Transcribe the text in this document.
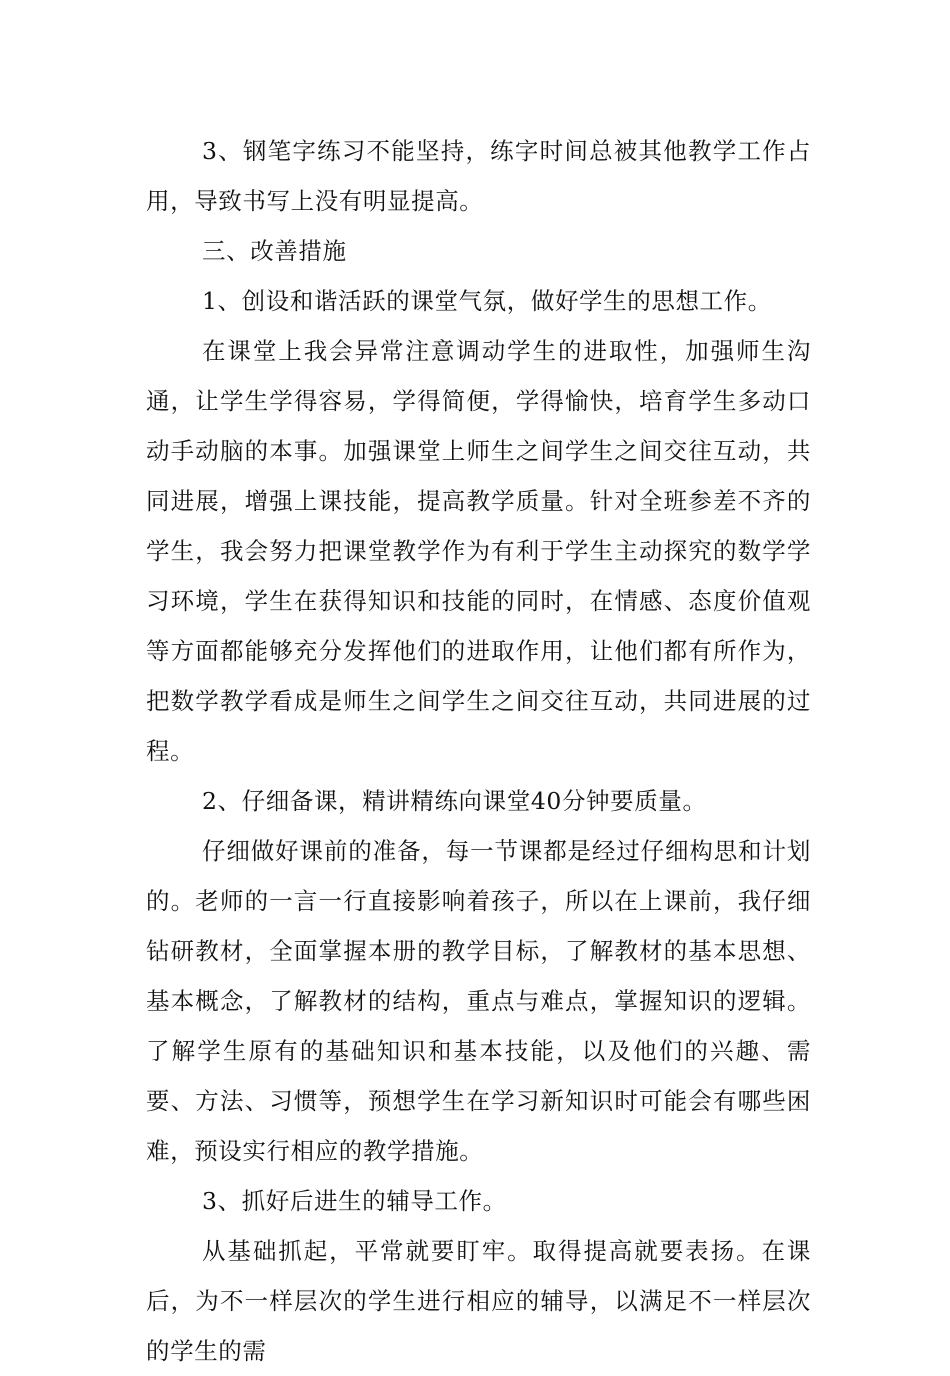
3、钢笔字练习不能坚持，练字时间总被其他教学工作占用，导致书写上没有明显提高。

三、改善措施

1、创设和谐活跃的课堂气氛，做好学生的思想工作。

在课堂上我会异常注意调动学生的进取性，加强师生沟通，让学生学得容易，学得简便，学得愉快，培育学生多动口动手动脑的本事。加强课堂上师生之间学生之间交往互动，共同进展，增强上课技能，提高教学质量。针对全班参差不齐的学生，我会努力把课堂教学作为有利于学生主动探究的数学学习环境，学生在获得知识和技能的同时，在情感、态度价值观等方面都能够充分发挥他们的进取作用，让他们都有所作为，把数学教学看成是师生之间学生之间交往互动，共同进展的过程。

2、仔细备课，精讲精练向课堂40分钟要质量。

仔细做好课前的准备，每一节课都是经过仔细构思和计划的。老师的一言一行直接影响着孩子，所以在上课前，我仔细钻研教材，全面掌握本册的教学目标，了解教材的基本思想、基本概念，了解教材的结构，重点与难点，掌握知识的逻辑。了解学生原有的基础知识和基本技能，以及他们的兴趣、需要、方法、习惯等，预想学生在学习新知识时可能会有哪些困难，预设实行相应的教学措施。

3、抓好后进生的辅导工作。

从基础抓起，平常就要盯牢。取得提高就要表扬。在课后，为不一样层次的学生进行相应的辅导，以满足不一样层次的学生的需
